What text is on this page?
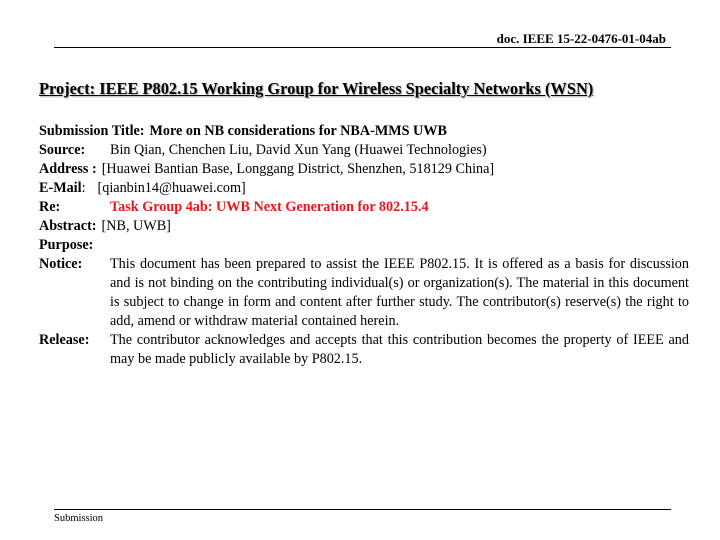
doc. IEEE 15-22-0476-01-04ab
Project: IEEE P802.15 Working Group for Wireless Specialty Networks (WSN)
Submission Title: More on NB considerations for NBA-MMS UWB
Source:	Bin Qian, Chenchen Liu, David Xun Yang (Huawei Technologies)
Address : [Huawei Bantian Base, Longgang District, Shenzhen, 518129 China]
E-Mail : [qianbin14@huawei.com]
Re:	Task Group 4ab: UWB Next Generation for 802.15.4
Abstract: [NB, UWB]
Purpose:
Notice:	This document has been prepared to assist the IEEE P802.15. It is offered as a basis for discussion and is not binding on the contributing individual(s) or organization(s). The material in this document is subject to change in form and content after further study. The contributor(s) reserve(s) the right to add, amend or withdraw material contained herein.
Release:	The contributor acknowledges and accepts that this contribution becomes the property of IEEE and may be made publicly available by P802.15.
Submission
